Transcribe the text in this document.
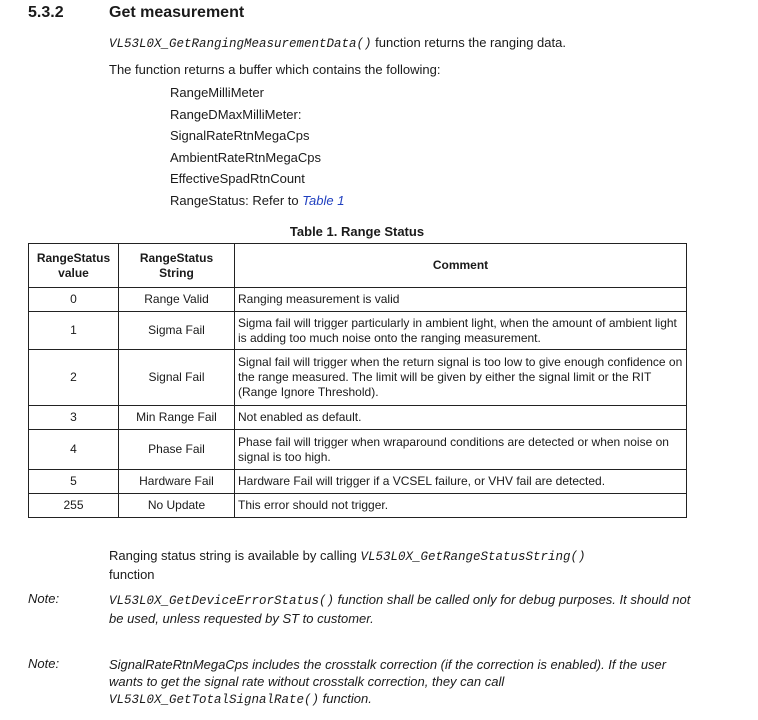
5.3.2	Get measurement
VL53L0X_GetRangingMeasurementData() function returns the ranging data.
The function returns a buffer which contains the following:
RangeMilliMeter
RangeDMaxMilliMeter:
SignalRateRtnMegaCps
AmbientRateRtnMegaCps
EffectiveSpadRtnCount
RangeStatus: Refer to Table 1
Table 1. Range Status
RangeStatus value	RangeStatus String	Comment
0	Range Valid	Ranging measurement is valid
1	Sigma Fail	Sigma fail will trigger particularly in ambient light, when the amount of ambient light is adding too much noise onto the ranging measurement.
2	Signal Fail	Signal fail will trigger when the return signal is too low to give enough confidence on the range measured. The limit will be given by either the signal limit or the RIT (Range Ignore Threshold).
3	Min Range Fail	Not enabled as default.
4	Phase Fail	Phase fail will trigger when wraparound conditions are detected or when noise on signal is too high.
5	Hardware Fail	Hardware Fail will trigger if a VCSEL failure, or VHV fail are detected.
255	No Update	This error should not trigger.
Ranging status string is available by calling VL53L0X_GetRangeStatusString()
function
Note:	VL53L0X_GetDeviceErrorStatus() function shall be called only for debug purposes. It should not be used, unless requested by ST to customer.
Note:	SignalRateRtnMegaCps includes the crosstalk correction (if the correction is enabled). If the user wants to get the signal rate without crosstalk correction, they can call VL53L0X_GetTotalSignalRate() function.
